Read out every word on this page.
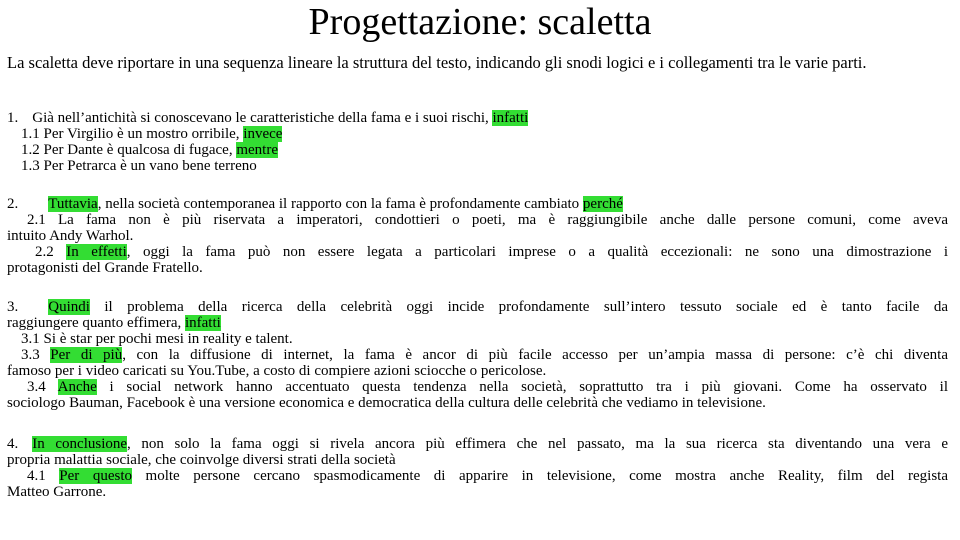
Progettazione: scaletta

La scaletta deve riportare in una sequenza lineare la struttura del testo, indicando gli snodi logici e i collegamenti tra le varie parti.

1. Già nell’antichità si conoscevano le caratteristiche della fama e i suoi rischi, infatti
1.1 Per Virgilio è un mostro orribile, invece
1.2 Per Dante è qualcosa di fugace, mentre
1.3 Per Petrarca è un vano bene terreno
2. Tuttavia, nella società contemporanea il rapporto con la fama è profondamente cambiato perché
2.1 La fama non è più riservata a imperatori, condottieri o poeti, ma è raggiungibile anche dalle persone comuni, come aveva
intuito Andy Warhol.
2.2 In effetti, oggi la fama può non essere legata a particolari imprese o a qualità eccezionali: ne sono una dimostrazione i
protagonisti del Grande Fratello.
3. Quindi il problema della ricerca della celebrità oggi incide profondamente sull’intero tessuto sociale ed è tanto facile da
raggiungere quanto effimera, infatti
3.1 Si è star per pochi mesi in reality e talent.
3.3 Per di più, con la diffusione di internet, la fama è ancor di più facile accesso per un’ampia massa di persone: c’è chi diventa
famoso per i video caricati su You.Tube, a costo di compiere azioni sciocche o pericolose.
3.4 Anche i social network hanno accentuato questa tendenza nella società, soprattutto tra i più giovani. Come ha osservato il
sociologo Bauman, Facebook è una versione economica e democratica della cultura delle celebrità che vediamo in televisione.
4. In conclusione, non solo la fama oggi si rivela ancora più effimera che nel passato, ma la sua ricerca sta diventando una vera e
propria malattia sociale, che coinvolge diversi strati della società
4.1 Per questo molte persone cercano spasmodicamente di apparire in televisione, come mostra anche Reality, film del regista
Matteo Garrone.
